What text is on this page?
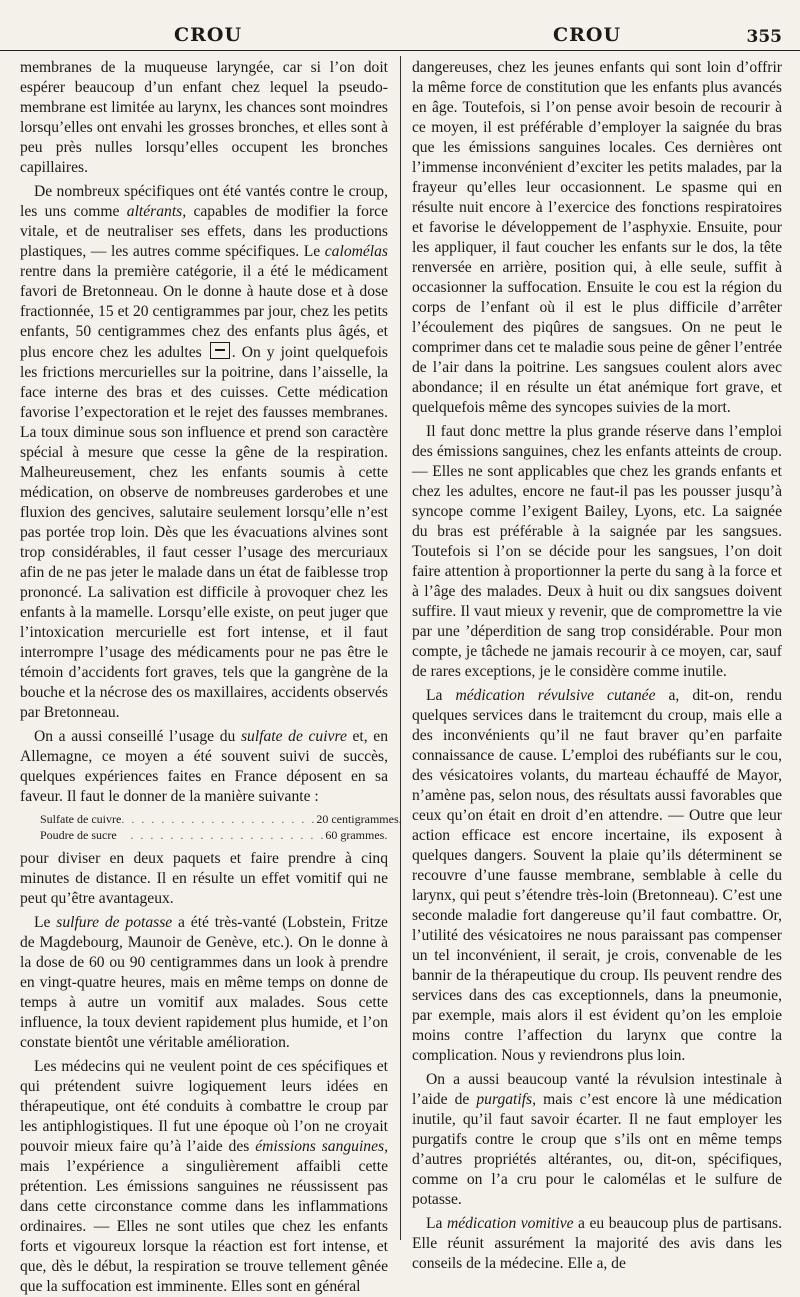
CROU	CROU	355

membranes de la muqueuse laryngée, car si l’on doit espérer beaucoup d’un enfant chez lequel la pseudo-membrane est limitée au larynx, les chances sont moindres lorsqu’elles ont envahi les grosses bronches, et elles sont à peu près nulles lorsqu’elles occupent les bronches capillaires.

De nombreux spécifiques ont été vantés contre le croup, les uns comme altérants, capables de modifier la force vitale, et de neutraliser ses effets, dans les productions plastiques, — les autres comme spécifiques. Le calomélas rentre dans la première catégorie, il a été le médicament favori de Bretonneau. On le donne à haute dose et à dose fractionnée, 15 et 20 centigrammes par jour, chez les petits enfants, 50 centigrammes chez des enfants plus âgés, et plus encore chez les adultes . On y joint quelquefois les frictions mercurielles sur la poitrine, dans l’aisselle, la face interne des bras et des cuisses. Cette médication favorise l’expectoration et le rejet des fausses membranes. La toux diminue sous son influence et prend son caractère spécial à mesure que cesse la gêne de la respiration. Malheureusement, chez les enfants soumis à cette médication, on observe de nombreuses garderobes et une fluxion des gencives, salutaire seulement lorsqu’elle n’est pas portée trop loin. Dès que les évacuations alvines sont trop considérables, il faut cesser l’usage des mercuriaux afin de ne pas jeter le malade dans un état de faiblesse trop prononcé. La salivation est difficile à provoquer chez les enfants à la mamelle. Lorsqu’elle existe, on peut juger que l’intoxication mercurielle est fort intense, et il faut interrompre l’usage des médicaments pour ne pas être le témoin d’accidents fort graves, tels que la gangrène de la bouche et la nécrose des os maxillaires, accidents observés par Bretonneau.

On a aussi conseillé l’usage du sulfate de cuivre et, en Allemagne, ce moyen a été souvent suivi de succès, quelques expériences faites en France déposent en sa faveur. Il faut le donner de la manière suivante :

Sulfate de cuivre . . .	20 centigrammes.
Poudre de sucre . . .	60 grammes.

pour diviser en deux paquets et faire prendre à cinq minutes de distance. Il en résulte un effet vomitif qui ne peut qu’être avantageux.

Le sulfure de potasse a été très-vanté (Lobstein, Fritze de Magdebourg, Maunoir de Genève, etc.). On le donne à la dose de 60 ou 90 centigrammes dans un look à prendre en vingt-quatre heures, mais en même temps on donne de temps à autre un vomitif aux malades. Sous cette influence, la toux devient rapidement plus humide, et l’on constate bientôt une véritable amélioration.

Les médecins qui ne veulent point de ces spécifiques et qui prétendent suivre logiquement leurs idées en thérapeutique, ont été conduits à combattre le croup par les antiphlogistiques. Il fut une époque où l’on ne croyait pouvoir mieux faire qu’à l’aide des émissions sanguines, mais l’expérience a singulièrement affaibli cette prétention. Les émissions sanguines ne réussissent pas dans cette circonstance comme dans les inflammations ordinaires. — Elles ne sont utiles que chez les enfants forts et vigoureux lorsque la réaction est fort intense, et que, dès le début, la respiration se trouve tellement gênée que la suffocation est imminente. Elles sont en général

dangereuses, chez les jeunes enfants qui sont loin d’offrir la même force de constitution que les enfants plus avancés en âge. Toutefois, si l’on pense avoir besoin de recourir à ce moyen, il est préférable d’employer la saignée du bras que les émissions sanguines locales. Ces dernières ont l’immense inconvénient d’exciter les petits malades, par la frayeur qu’elles leur occasionnent. Le spasme qui en résulte nuit encore à l’exercice des fonctions respiratoires et favorise le développement de l’asphyxie. Ensuite, pour les appliquer, il faut coucher les enfants sur le dos, la tête renversée en arrière, position qui, à elle seule, suffit à occasionner la suffocation. Ensuite le cou est la région du corps de l’enfant où il est le plus difficile d’arrêter l’écoulement des piqûres de sangsues. On ne peut le comprimer dans cet te maladie sous peine de gêner l’entrée de l’air dans la poitrine. Les sangsues coulent alors avec abondance; il en résulte un état anémique fort grave, et quelquefois même des syncopes suivies de la mort.

Il faut donc mettre la plus grande réserve dans l’emploi des émissions sanguines, chez les enfants atteints de croup. — Elles ne sont applicables que chez les grands enfants et chez les adultes, encore ne faut-il pas les pousser jusqu’à syncope comme l’exigent Bailey, Lyons, etc. La saignée du bras est préférable à la saignée par les sangsues. Toutefois si l’on se décide pour les sangsues, l’on doit faire attention à proportionner la perte du sang à la force et à l’âge des malades. Deux à huit ou dix sangsues doivent suffire. Il vaut mieux y revenir, que de compromettre la vie par une ’déperdition de sang trop considérable. Pour mon compte, je tâchede ne jamais recourir à ce moyen, car, sauf de rares exceptions, je le considère comme inutile.

La médication révulsive cutanée a, dit-on, rendu quelques services dans le traitemcnt du croup, mais elle a des inconvénients qu’il ne faut braver qu’en parfaite connaissance de cause. L’emploi des rubéfiants sur le cou, des vésicatoires volants, du marteau échauffé de Mayor, n’amène pas, selon nous, des résultats aussi favorables que ceux qu’on était en droit d’en attendre. — Outre que leur action efficace est encore incertaine, ils exposent à quelques dangers. Souvent la plaie qu’ils déterminent se recouvre d’une fausse membrane, semblable à celle du larynx, qui peut s’étendre très-loin (Bretonneau). C’est une seconde maladie fort dangereuse qu’il faut combattre. Or, l’utilité des vésicatoires ne nous paraissant pas compenser un tel inconvénient, il serait, je crois, convenable de les bannir de la thérapeutique du croup. Ils peuvent rendre des services dans des cas exceptionnels, dans la pneumonie, par exemple, mais alors il est évident qu’on les emploie moins contre l’affection du larynx que contre la complication. Nous y reviendrons plus loin.

On a aussi beaucoup vanté la révulsion intestinale à l’aide de purgatifs, mais c’est encore là une médication inutile, qu’il faut savoir écarter. Il ne faut employer les purgatifs contre le croup que s’ils ont en même temps d’autres propriétés altérantes, ou, dit-on, spécifiques, comme on l’a cru pour le calomélas et le sulfure de potasse.

La médication vomitive a eu beaucoup plus de partisans. Elle réunit assurément la majorité des avis dans les conseils de la médecine. Elle a, de
